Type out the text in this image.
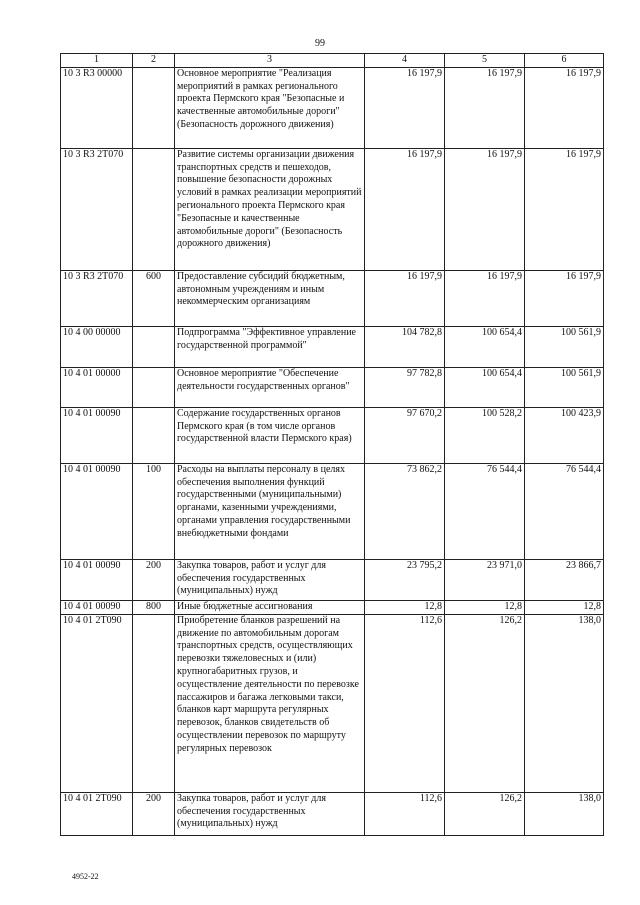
99
1	2	3	4	5	6
10 3 R3 00000		Основное мероприятие "Реализация мероприятий в рамках регионального проекта Пермского края "Безопасные и качественные автомобильные дороги" (Безопасность дорожного движения)	16 197,9	16 197,9	16 197,9
10 3 R3 2T070		Развитие системы организации движения транспортных средств и пешеходов, повышение безопасности дорожных условий в рамках реализации мероприятий регионального проекта Пермского края "Безопасные и качественные автомобильные дороги" (Безопасность дорожного движения)	16 197,9	16 197,9	16 197,9
10 3 R3 2T070	600	Предоставление субсидий бюджетным, автономным учреждениям и иным некоммерческим организациям	16 197,9	16 197,9	16 197,9
10 4 00 00000		Подпрограмма "Эффективное управление государственной программой"	104 782,8	100 654,4	100 561,9
10 4 01 00000		Основное мероприятие "Обеспечение деятельности государственных органов"	97 782,8	100 654,4	100 561,9
10 4 01 00090		Содержание государственных органов Пермского края (в том числе органов государственной власти Пермского края)	97 670,2	100 528,2	100 423,9
10 4 01 00090	100	Расходы на выплаты персоналу в целях обеспечения выполнения функций государственными (муниципальными) органами, казенными учреждениями, органами управления государственными внебюджетными фондами	73 862,2	76 544,4	76 544,4
10 4 01 00090	200	Закупка товаров, работ и услуг для обеспечения государственных (муниципальных) нужд	23 795,2	23 971,0	23 866,7
10 4 01 00090	800	Иные бюджетные ассигнования	12,8	12,8	12,8
10 4 01 2T090		Приобретение бланков разрешений на движение по автомобильным дорогам транспортных средств, осуществляющих перевозки тяжеловесных и (или) крупногабаритных грузов, и осуществление деятельности по перевозке пассажиров и багажа легковыми такси, бланков карт маршрута регулярных перевозок, бланков свидетельств об осуществлении перевозок по маршруту регулярных перевозок	112,6	126,2	138,0
10 4 01 2T090	200	Закупка товаров, работ и услуг для обеспечения государственных (муниципальных) нужд	112,6	126,2	138,0
4952-22
